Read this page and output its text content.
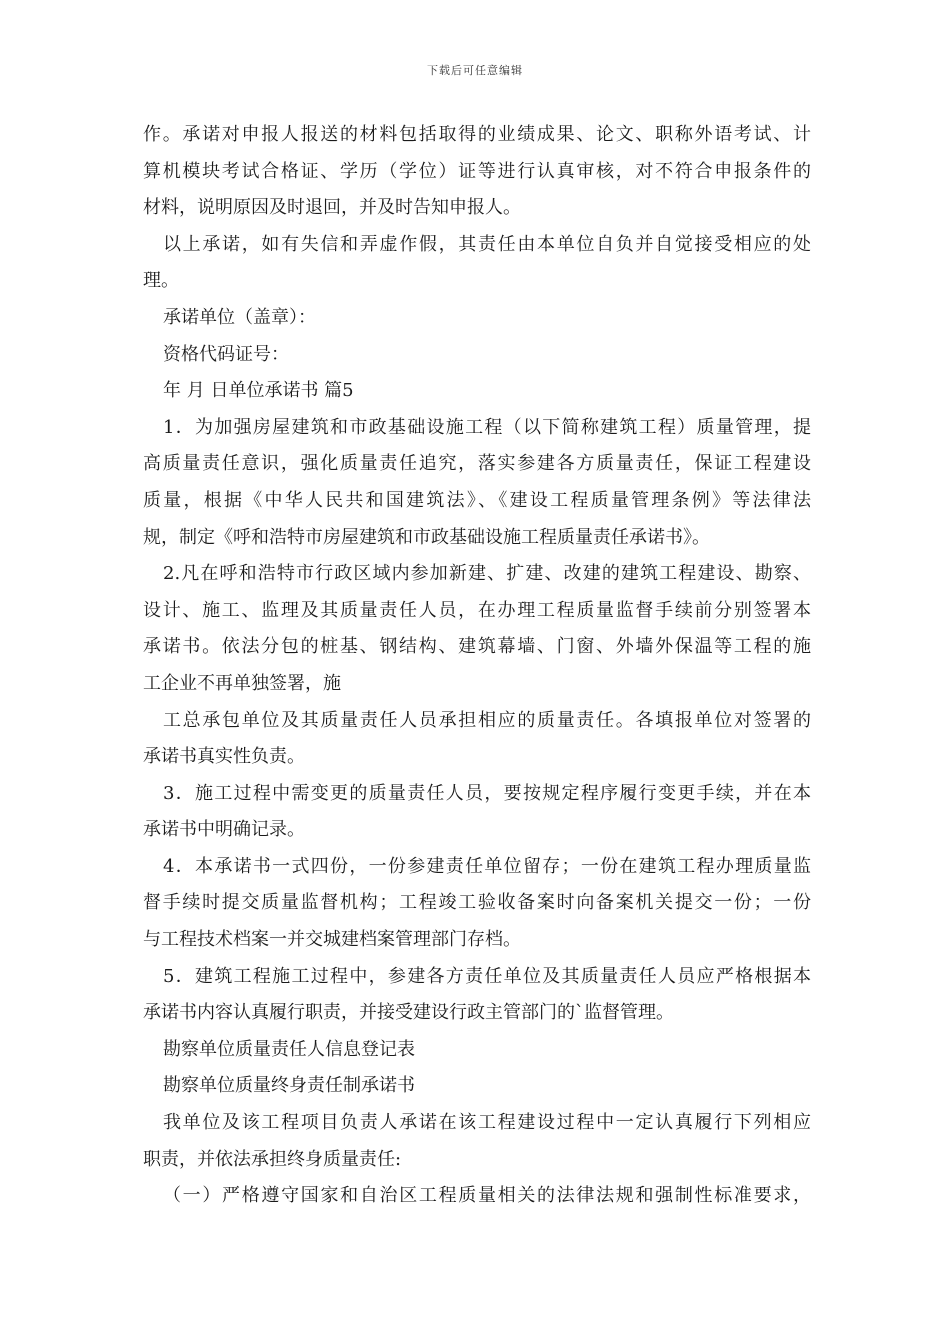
下载后可任意编辑
作。承诺对申报人报送的材料包括取得的业绩成果、论文、职称外语考试、计
算机模块考试合格证、学历（学位）证等进行认真审核，对不符合申报条件的
材料，说明原因及时退回，并及时告知申报人。
以上承诺，如有失信和弄虚作假，其责任由本单位自负并自觉接受相应的处
理。
承诺单位（盖章）：
资格代码证号：
年 月 日单位承诺书 篇5
1．为加强房屋建筑和市政基础设施工程（以下简称建筑工程）质量管理，提
高质量责任意识，强化质量责任追究，落实参建各方质量责任，保证工程建设
质量，根据《中华人民共和国建筑法》、《建设工程质量管理条例》等法律法
规，制定《呼和浩特市房屋建筑和市政基础设施工程质量责任承诺书》。
2.凡在呼和浩特市行政区域内参加新建、扩建、改建的建筑工程建设、勘察、
设计、施工、监理及其质量责任人员，在办理工程质量监督手续前分别签署本
承诺书。依法分包的桩基、钢结构、建筑幕墙、门窗、外墙外保温等工程的施
工企业不再单独签署，施
工总承包单位及其质量责任人员承担相应的质量责任。各填报单位对签署的
承诺书真实性负责。
3．施工过程中需变更的质量责任人员，要按规定程序履行变更手续，并在本
承诺书中明确记录。
4．本承诺书一式四份，一份参建责任单位留存；一份在建筑工程办理质量监
督手续时提交质量监督机构；工程竣工验收备案时向备案机关提交一份；一份
与工程技术档案一并交城建档案管理部门存档。
5．建筑工程施工过程中，参建各方责任单位及其质量责任人员应严格根据本
承诺书内容认真履行职责，并接受建设行政主管部门的`监督管理。
勘察单位质量责任人信息登记表
勘察单位质量终身责任制承诺书
我单位及该工程项目负责人承诺在该工程建设过程中一定认真履行下列相应
职责，并依法承担终身质量责任:
（一）严格遵守国家和自治区工程质量相关的法律法规和强制性标准要求，
